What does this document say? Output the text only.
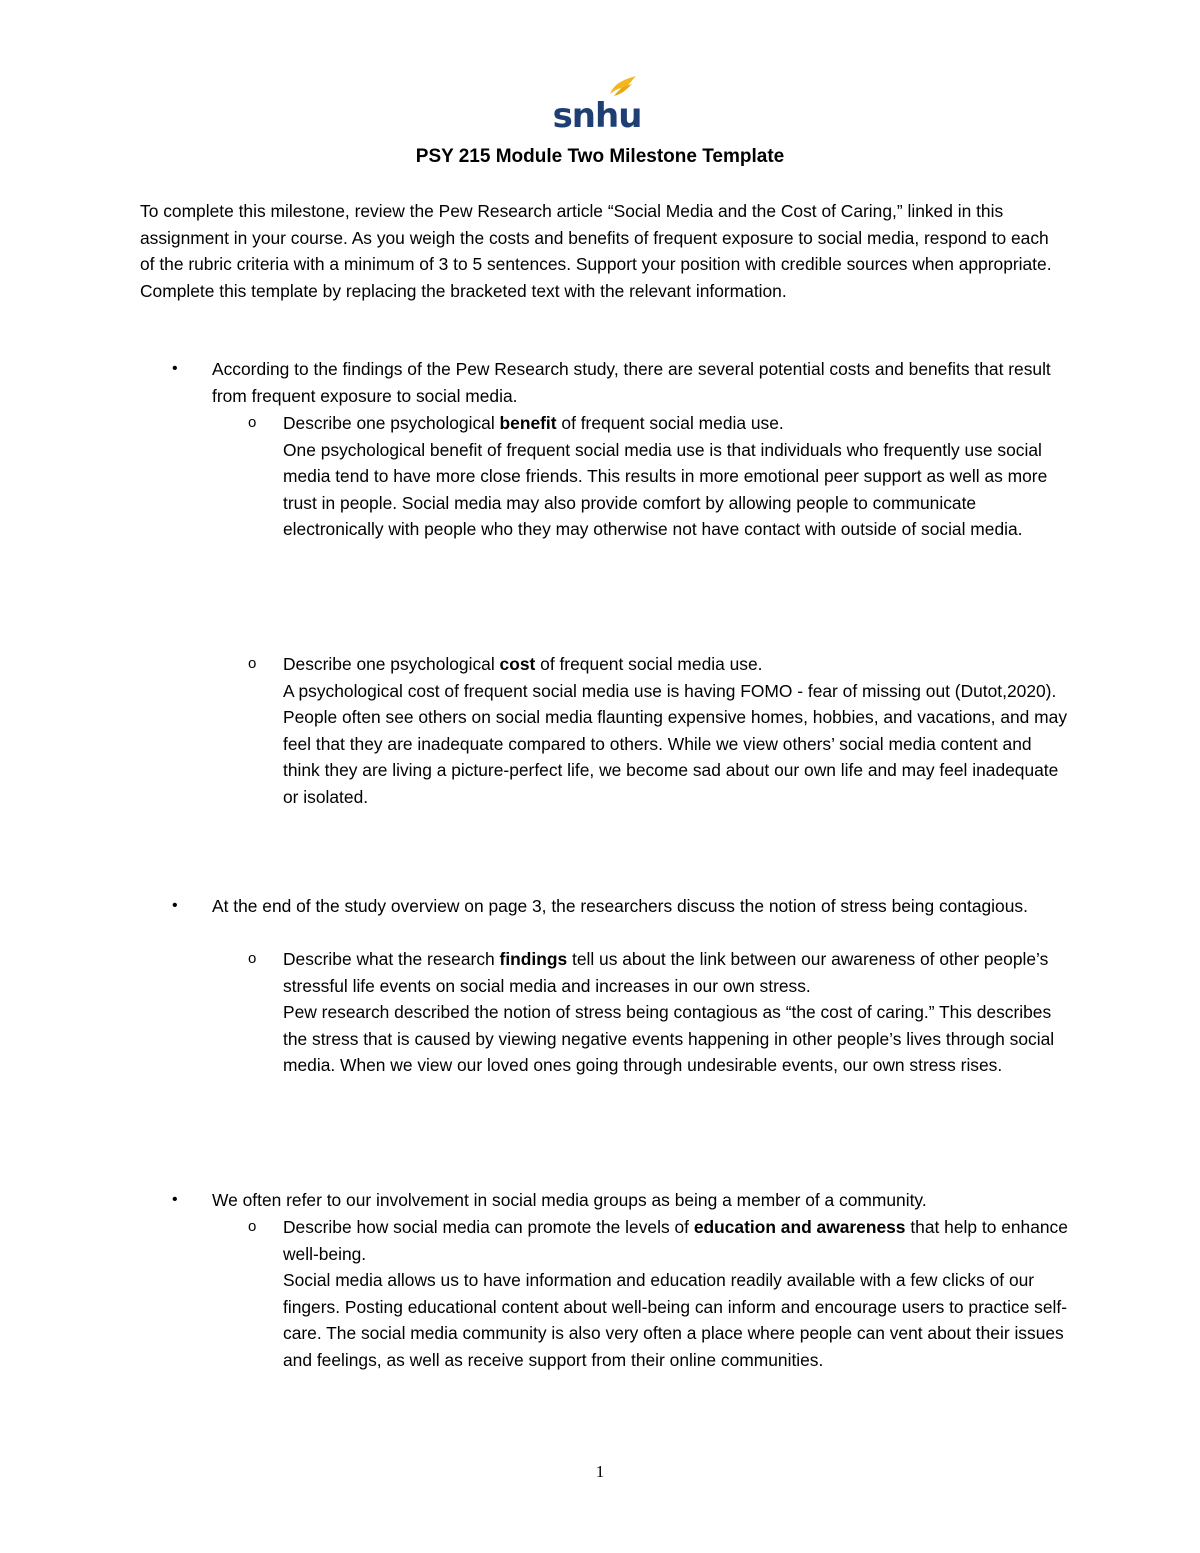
snhu
PSY 215 Module Two Milestone Template
To complete this milestone, review the Pew Research article “Social Media and the Cost of Caring,” linked in this assignment in your course. As you weigh the costs and benefits of frequent exposure to social media, respond to each of the rubric criteria with a minimum of 3 to 5 sentences. Support your position with credible sources when appropriate. Complete this template by replacing the bracketed text with the relevant information.
•	According to the findings of the Pew Research study, there are several potential costs and benefits that result from frequent exposure to social media.
o Describe one psychological benefit of frequent social media use.
One psychological benefit of frequent social media use is that individuals who frequently use social media tend to have more close friends. This results in more emotional peer support as well as more trust in people. Social media may also provide comfort by allowing people to communicate electronically with people who they may otherwise not have contact with outside of social media.
o Describe one psychological cost of frequent social media use.
A psychological cost of frequent social media use is having FOMO - fear of missing out (Dutot,2020). People often see others on social media flaunting expensive homes, hobbies, and vacations, and may feel that they are inadequate compared to others. While we view others’ social media content and think they are living a picture-perfect life, we become sad about our own life and may feel inadequate or isolated.
•	At the end of the study overview on page 3, the researchers discuss the notion of stress being contagious.
o Describe what the research findings tell us about the link between our awareness of other people’s stressful life events on social media and increases in our own stress.
Pew research described the notion of stress being contagious as “the cost of caring.” This describes the stress that is caused by viewing negative events happening in other people’s lives through social media. When we view our loved ones going through undesirable events, our own stress rises.
•	We often refer to our involvement in social media groups as being a member of a community.
o Describe how social media can promote the levels of education and awareness that help to enhance well-being.
Social media allows us to have information and education readily available with a few clicks of our fingers. Posting educational content about well-being can inform and encourage users to practice self-care. The social media community is also very often a place where people can vent about their issues and feelings, as well as receive support from their online communities.
1
